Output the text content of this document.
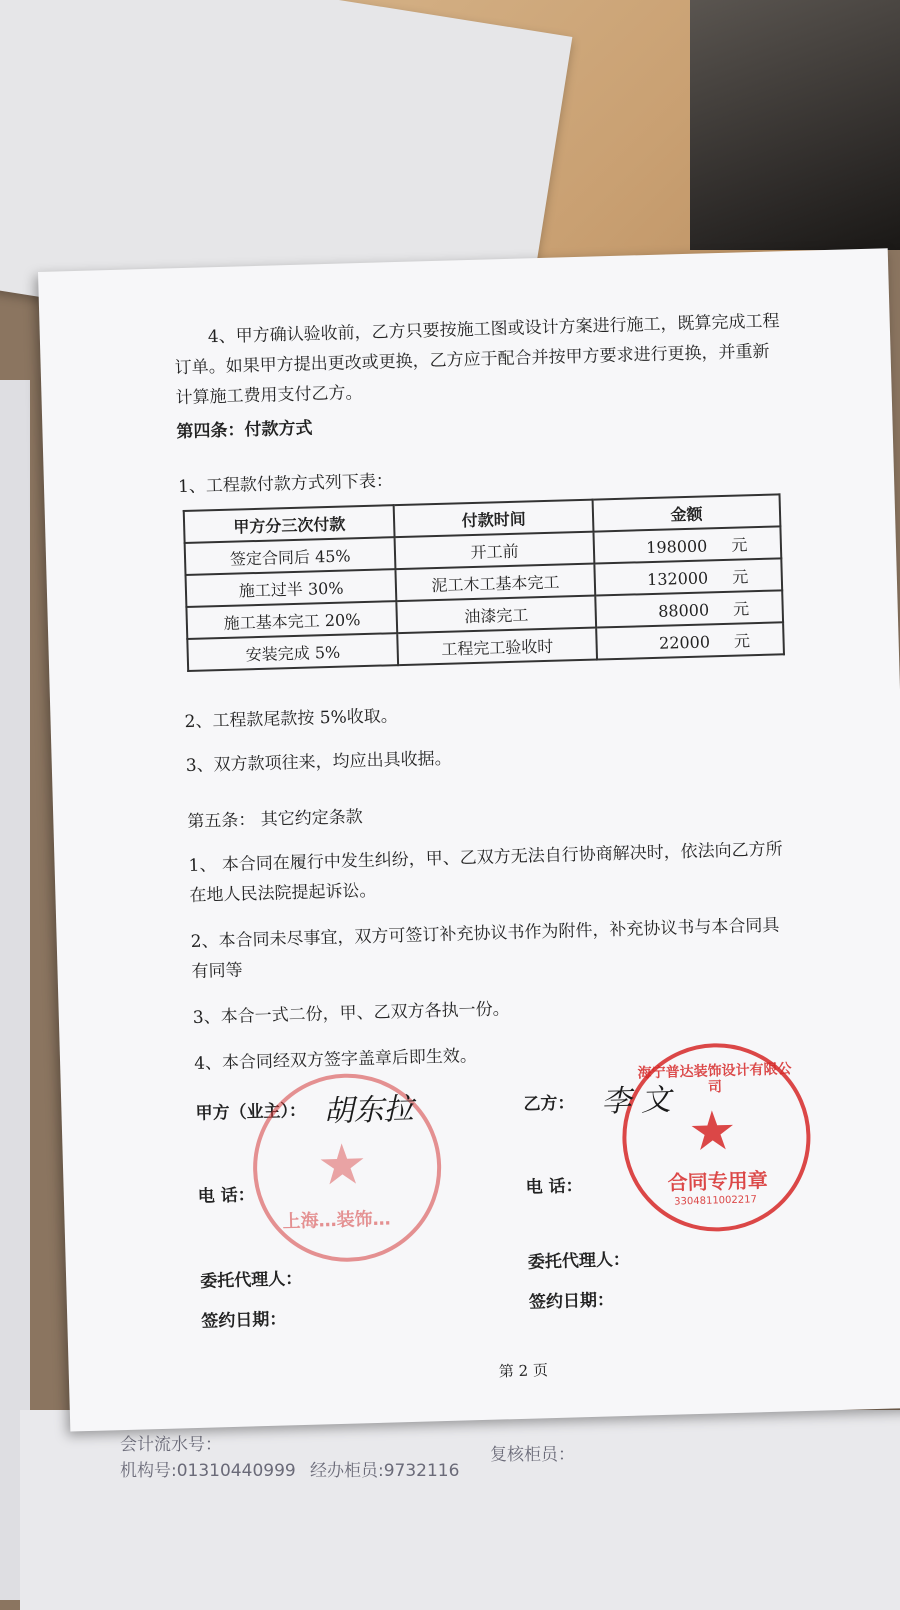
会计流水号：
机构号:01310440999 经办柜员:9732116
复核柜员：
4、甲方确认验收前，乙方只要按施工图或设计方案进行施工，既算完成工程
订单。如果甲方提出更改或更换，乙方应于配合并按甲方要求进行更换，并重新
计算施工费用支付乙方。
第四条：付款方式
1、工程款付款方式列下表：
甲方分三次付款	付款时间	金额
签定合同后 45%	开工前	198000 元
施工过半 30%	泥工木工基本完工	132000 元
施工基本完工 20%	油漆完工	88000 元
安装完成 5%	工程完工验收时	22000 元
2、工程款尾款按 5%收取。
3、双方款项往来，均应出具收据。
第五条： 其它约定条款
1、 本合同在履行中发生纠纷，甲、乙双方无法自行协商解决时，依法向乙方所
在地人民法院提起诉讼。
2、本合同未尽事宜，双方可签订补充协议书作为附件，补充协议书与本合同具
有同等
3、本合一式二份，甲、乙双方各执一份。
4、本合同经双方签字盖章后即生效。
甲方（业主）：	乙方：
电 话：	电 话：
委托代理人：
委托代理人：
签约日期：
签约日期：
第 2 页
★
上海…装饰…
海宁普达装饰设计有限公司
★
合同专用章
3304811002217
胡东拉	李 文
